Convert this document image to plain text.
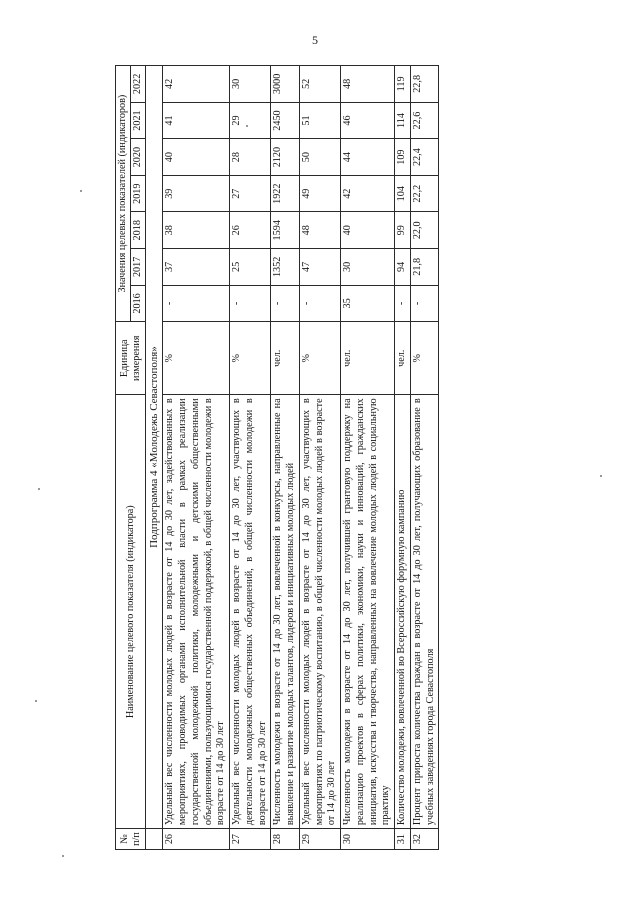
5
№ п/п	Наименование целевого показателя (индикатора)	Единица измерения	Значения целевых показателей (индикаторов)						
			2016	2017	2018	2019	2020	2021	2022
	Подпрограмма 4 «Молодежь Севастополя»								
26	Удельный вес численности молодых людей в возрасте от 14 до 30 лет, задействованных в мероприятиях, проводимых органами исполнительной власти в рамках реализации государственной молодежной политики, молодежными и детскими общественными объединениями, пользующимися государственной поддержкой, в общей численности молодежи в возрасте от 14 до 30 лет	%	-	37	38	39	40	41	42
27	Удельный вес численности молодых людей в возрасте от 14 до 30 лет, участвующих в деятельности молодежных общественных объединений, в общей численности молодежи в возрасте от 14 до 30 лет	%	-	25	26	27	28	29	30
28	Численность молодежи в возрасте от 14 до 30 лет, вовлеченной в конкурсы, направленные на выявление и развитие молодых талантов, лидеров и инициативных молодых людей	чел.	-	1352	1594	1922	2120	2450	3000
29	Удельный вес численности молодых людей в возрасте от 14 до 30 лет, участвующих в мероприятиях по патриотическому воспитанию, в общей численности молодых людей в возрасте от 14 до 30 лет	%	-	47	48	49	50	51	52
30	Численность молодежи в возрасте от 14 до 30 лет, получившей грантовую поддержку на реализацию проектов в сферах политики, экономики, науки и инноваций, гражданских инициатив, искусства и творчества, направленных на вовлечение молодых людей в социальную практику	чел.	35	30	40	42	44	46	48
31	Количество молодежи, вовлеченной во Всероссийскую форумную кампанию	чел.	-	94	99	104	109	114	119
32	Процент прироста количества граждан в возрасте от 14 до 30 лет, получающих образование в учебных заведениях города Севастополя	%	-	21,8	22,0	22,2	22,4	22,6	22,8
